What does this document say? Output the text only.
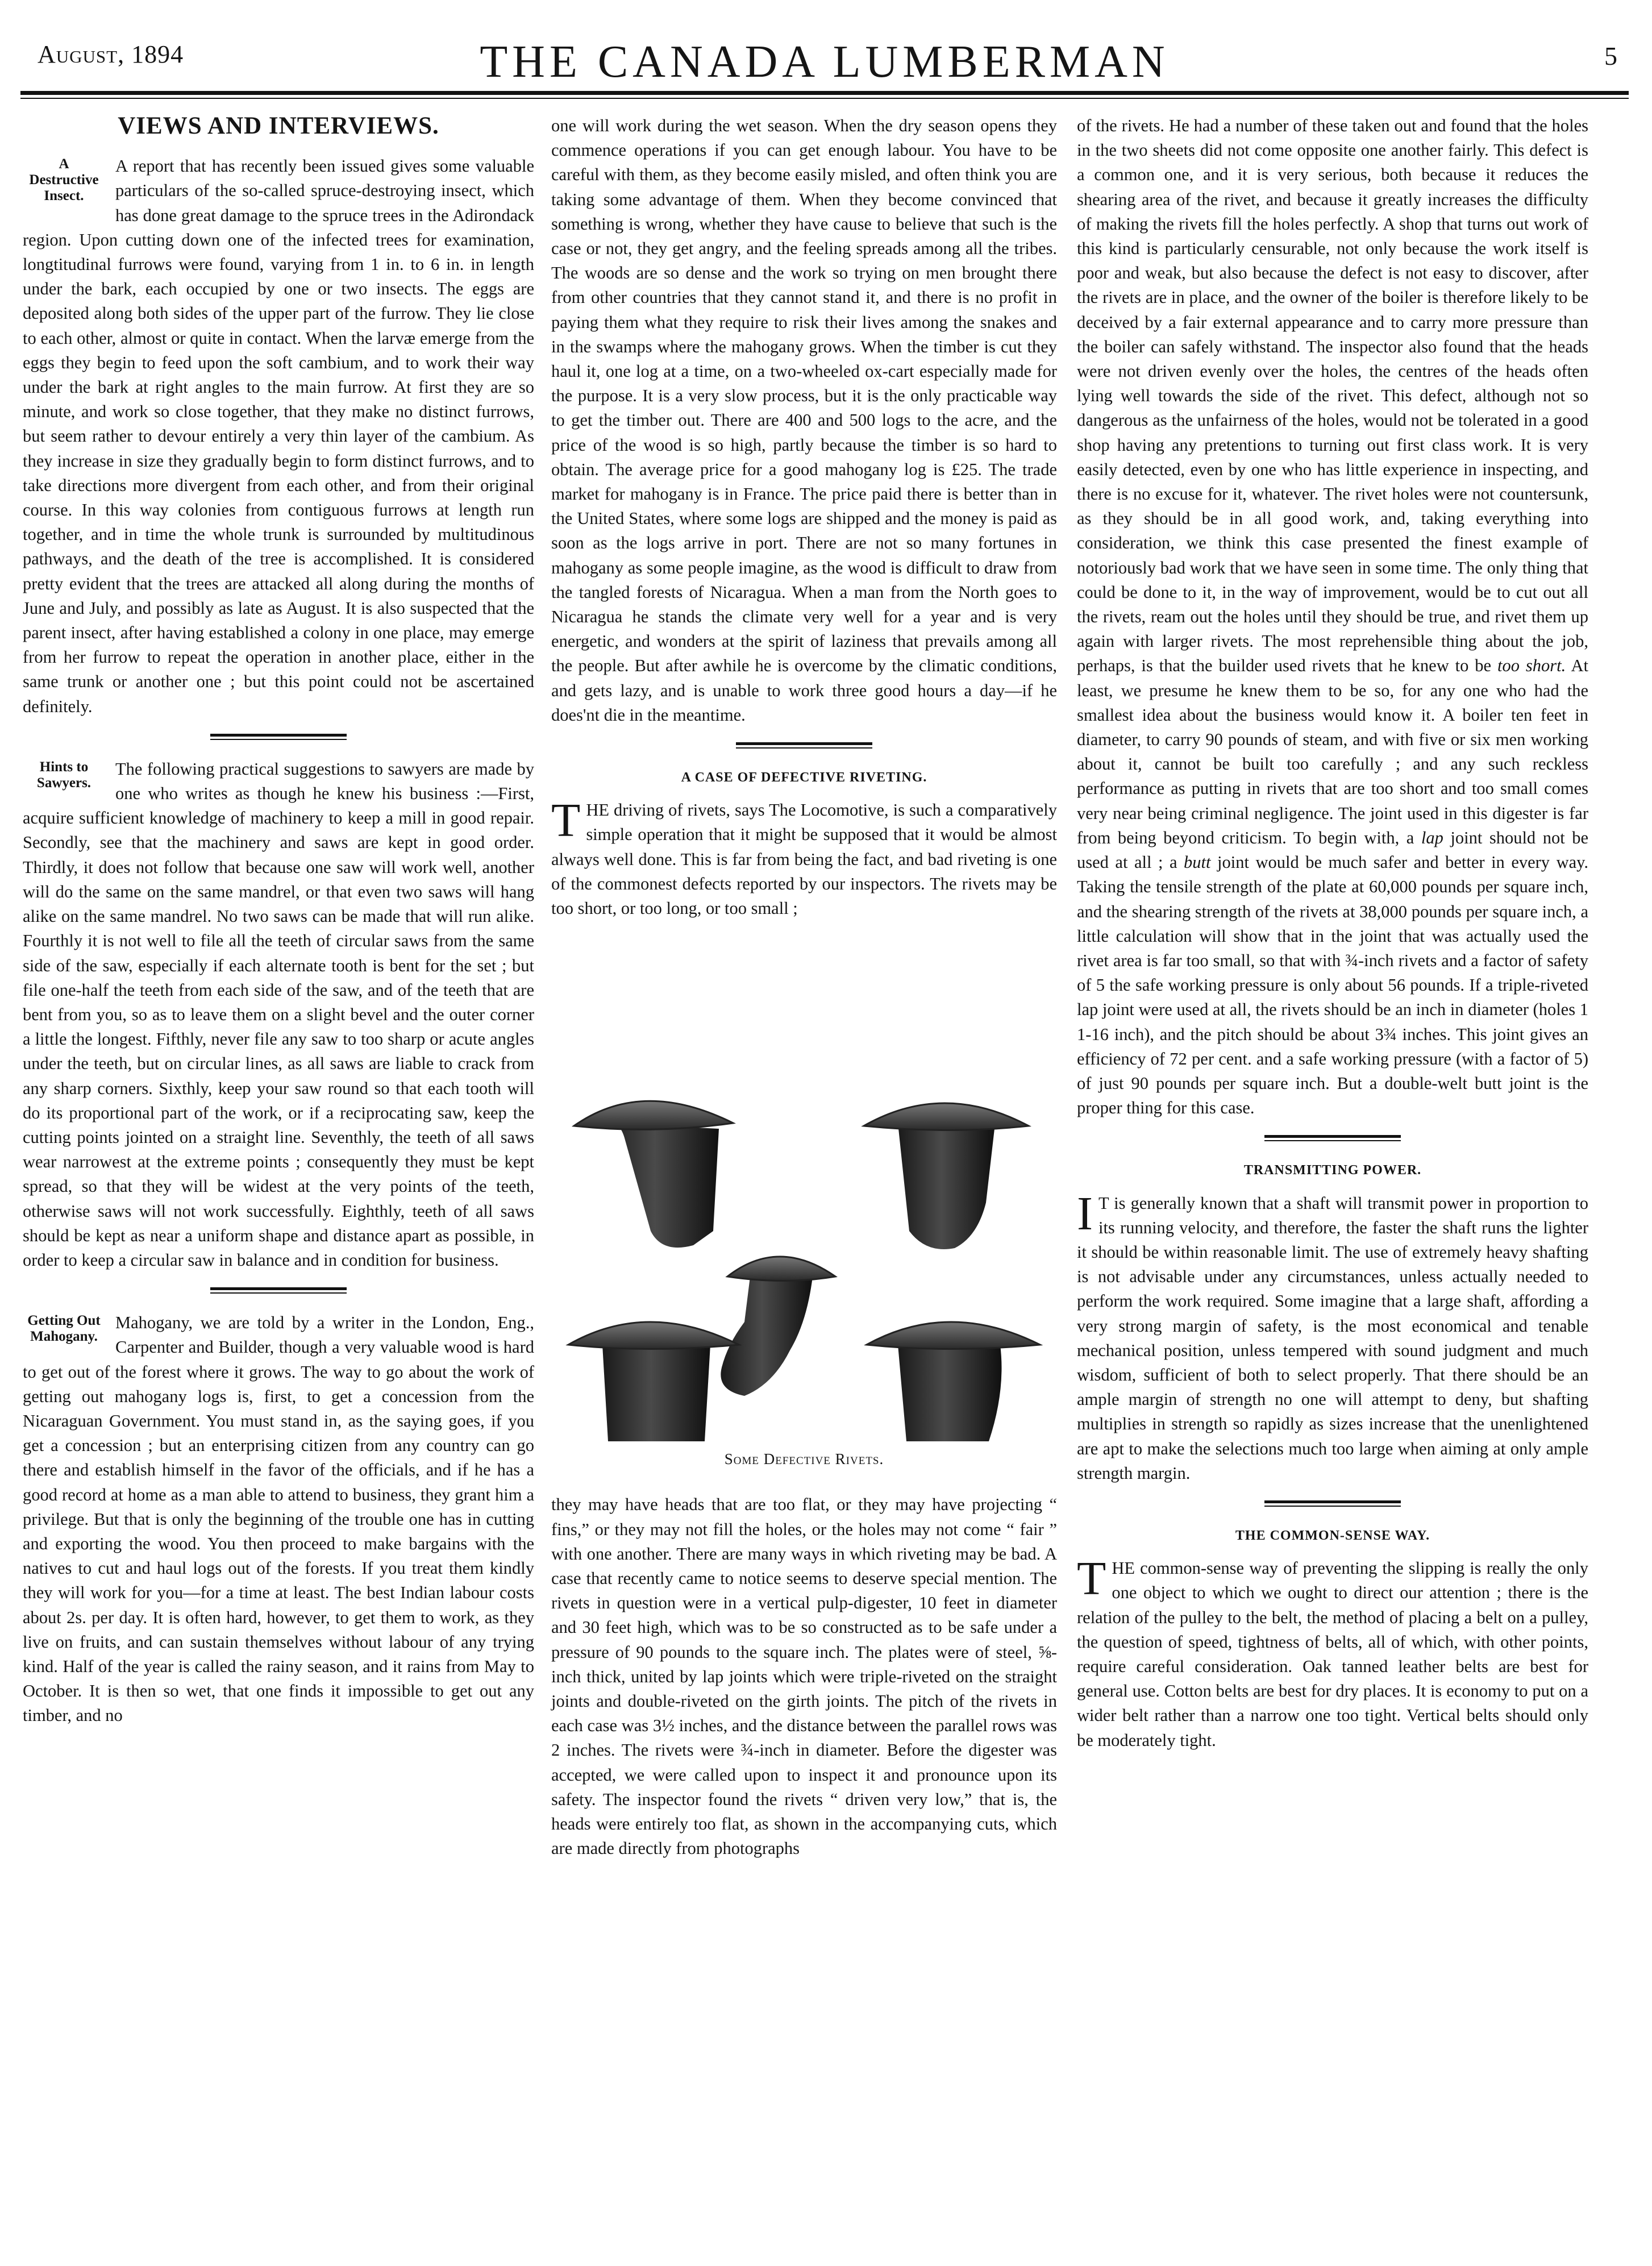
August, 1894	THE CANADA LUMBERMAN	5
VIEWS AND INTERVIEWS.

A Destructive Insect.
A report that has recently been issued gives some valuable particulars of the so-called spruce-destroying insect, which has done great damage to the spruce trees in the Adirondack region. Upon cutting down one of the infected trees for examination, longtitudinal furrows were found, varying from 1 in. to 6 in. in length under the bark, each occupied by one or two insects. The eggs are deposited along both sides of the upper part of the furrow. They lie close to each other, almost or quite in contact. When the larvæ emerge from the eggs they begin to feed upon the soft cambium, and to work their way under the bark at right angles to the main furrow. At first they are so minute, and work so close together, that they make no distinct furrows, but seem rather to devour entirely a very thin layer of the cambium. As they increase in size they gradually begin to form distinct furrows, and to take directions more divergent from each other, and from their original course. In this way colonies from contiguous furrows at length run together, and in time the whole trunk is surrounded by multitudinous pathways, and the death of the tree is accomplished. It is considered pretty evident that the trees are attacked all along during the months of June and July, and possibly as late as August. It is also suspected that the parent insect, after having established a colony in one place, may emerge from her furrow to repeat the operation in another place, either in the same trunk or another one ; but this point could not be ascertained definitely.

Hints to Sawyers.
The following practical suggestions to sawyers are made by one who writes as though he knew his business :—First, acquire sufficient knowledge of machinery to keep a mill in good repair. Secondly, see that the machinery and saws are kept in good order. Thirdly, it does not follow that because one saw will work well, another will do the same on the same mandrel, or that even two saws will hang alike on the same mandrel. No two saws can be made that will run alike. Fourthly it is not well to file all the teeth of circular saws from the same side of the saw, especially if each alternate tooth is bent for the set ; but file one-half the teeth from each side of the saw, and of the teeth that are bent from you, so as to leave them on a slight bevel and the outer corner a little the longest. Fifthly, never file any saw to too sharp or acute angles under the teeth, but on circular lines, as all saws are liable to crack from any sharp corners. Sixthly, keep your saw round so that each tooth will do its proportional part of the work, or if a reciprocating saw, keep the cutting points jointed on a straight line. Seventhly, the teeth of all saws wear narrowest at the extreme points ; consequently they must be kept spread, so that they will be widest at the very points of the teeth, otherwise saws will not work successfully. Eighthly, teeth of all saws should be kept as near a uniform shape and distance apart as possible, in order to keep a circular saw in balance and in condition for business.

Getting Out Mahogany.
Mahogany, we are told by a writer in the London, Eng., Carpenter and Builder, though a very valuable wood is hard to get out of the forest where it grows. The way to go about the work of getting out mahogany logs is, first, to get a concession from the Nicaraguan Government. You must stand in, as the saying goes, if you get a concession ; but an enterprising citizen from any country can go there and establish himself in the favor of the officials, and if he has a good record at home as a man able to attend to business, they grant him a privilege. But that is only the beginning of the trouble one has in cutting and exporting the wood. You then proceed to make bargains with the natives to cut and haul logs out of the forests. If you treat them kindly they will work for you—for a time at least. The best Indian labour costs about 2s. per day. It is often hard, however, to get them to work, as they live on fruits, and can sustain themselves without labour of any trying kind. Half of the year is called the rainy season, and it rains from May to October. It is then so wet, that one finds it impossible to get out any timber, and no

one will work during the wet season. When the dry season opens they commence operations if you can get enough labour. You have to be careful with them, as they become easily misled, and often think you are taking some advantage of them. When they become convinced that something is wrong, whether they have cause to believe that such is the case or not, they get angry, and the feeling spreads among all the tribes. The woods are so dense and the work so trying on men brought there from other countries that they cannot stand it, and there is no profit in paying them what they require to risk their lives among the snakes and in the swamps where the mahogany grows. When the timber is cut they haul it, one log at a time, on a two-wheeled ox-cart especially made for the purpose. It is a very slow process, but it is the only practicable way to get the timber out. There are 400 and 500 logs to the acre, and the price of the wood is so high, partly because the timber is so hard to obtain. The average price for a good mahogany log is £25. The trade market for mahogany is in France. The price paid there is better than in the United States, where some logs are shipped and the money is paid as soon as the logs arrive in port. There are not so many fortunes in mahogany as some people imagine, as the wood is difficult to draw from the tangled forests of Nicaragua. When a man from the North goes to Nicaragua he stands the climate very well for a year and is very energetic, and wonders at the spirit of laziness that prevails among all the people. But after awhile he is overcome by the climatic conditions, and gets lazy, and is unable to work three good hours a day—if he does'nt die in the meantime.

A CASE OF DEFECTIVE RIVETING.

T HE driving of rivets, says The Locomotive, is such a comparatively simple operation that it might be supposed that it would be almost always well done. This is far from being the fact, and bad riveting is one of the commonest defects reported by our inspectors. The rivets may be too short, or too long, or too small ;

Some Defective Rivets.

they may have heads that are too flat, or they may have projecting “ fins,” or they may not fill the holes, or the holes may not come “ fair ” with one another. There are many ways in which riveting may be bad. A case that recently came to notice seems to deserve special mention. The rivets in question were in a vertical pulp-digester, 10 feet in diameter and 30 feet high, which was to be so constructed as to be safe under a pressure of 90 pounds to the square inch. The plates were of steel, ⅝-inch thick, united by lap joints which were triple-riveted on the straight joints and double-riveted on the girth joints. The pitch of the rivets in each case was 3½ inches, and the distance between the parallel rows was 2 inches. The rivets were ¾-inch in diameter. Before the digester was accepted, we were called upon to inspect it and pronounce upon its safety. The inspector found the rivets “ driven very low,” that is, the heads were entirely too flat, as shown in the accompanying cuts, which are made directly from photographs

of the rivets. He had a number of these taken out and found that the holes in the two sheets did not come opposite one another fairly. This defect is a common one, and it is very serious, both because it reduces the shearing area of the rivet, and because it greatly increases the difficulty of making the rivets fill the holes perfectly. A shop that turns out work of this kind is particularly censurable, not only because the work itself is poor and weak, but also because the defect is not easy to discover, after the rivets are in place, and the owner of the boiler is therefore likely to be deceived by a fair external appearance and to carry more pressure than the boiler can safely withstand. The inspector also found that the heads were not driven evenly over the holes, the centres of the heads often lying well towards the side of the rivet. This defect, although not so dangerous as the unfairness of the holes, would not be tolerated in a good shop having any pretentions to turning out first class work. It is very easily detected, even by one who has little experience in inspecting, and there is no excuse for it, whatever. The rivet holes were not countersunk, as they should be in all good work, and, taking everything into consideration, we think this case presented the finest example of notoriously bad work that we have seen in some time. The only thing that could be done to it, in the way of improvement, would be to cut out all the rivets, ream out the holes until they should be true, and rivet them up again with larger rivets. The most reprehensible thing about the job, perhaps, is that the builder used rivets that he knew to be too short. At least, we presume he knew them to be so, for any one who had the smallest idea about the business would know it. A boiler ten feet in diameter, to carry 90 pounds of steam, and with five or six men working about it, cannot be built too carefully ; and any such reckless performance as putting in rivets that are too short and too small comes very near being criminal negligence. The joint used in this digester is far from being beyond criticism. To begin with, a lap joint should not be used at all ; a butt joint would be much safer and better in every way. Taking the tensile strength of the plate at 60,000 pounds per square inch, and the shearing strength of the rivets at 38,000 pounds per square inch, a little calculation will show that in the joint that was actually used the rivet area is far too small, so that with ¾-inch rivets and a factor of safety of 5 the safe working pressure is only about 56 pounds. If a triple-riveted lap joint were used at all, the rivets should be an inch in diameter (holes 1 1-16 inch), and the pitch should be about 3¾ inches. This joint gives an efficiency of 72 per cent. and a safe working pressure (with a factor of 5) of just 90 pounds per square inch. But a double-welt butt joint is the proper thing for this case.

TRANSMITTING POWER.

I T is generally known that a shaft will transmit power in proportion to its running velocity, and therefore, the faster the shaft runs the lighter it should be within reasonable limit. The use of extremely heavy shafting is not advisable under any circumstances, unless actually needed to perform the work required. Some imagine that a large shaft, affording a very strong margin of safety, is the most economical and tenable mechanical position, unless tempered with sound judgment and much wisdom, sufficient of both to select properly. That there should be an ample margin of strength no one will attempt to deny, but shafting multiplies in strength so rapidly as sizes increase that the unenlightened are apt to make the selections much too large when aiming at only ample strength margin.

THE COMMON-SENSE WAY.

T HE common-sense way of preventing the slipping is really the only one object to which we ought to direct our attention ; there is the relation of the pulley to the belt, the method of placing a belt on a pulley, the question of speed, tightness of belts, all of which, with other points, require careful consideration. Oak tanned leather belts are best for general use. Cotton belts are best for dry places. It is economy to put on a wider belt rather than a narrow one too tight. Vertical belts should only be moderately tight.
